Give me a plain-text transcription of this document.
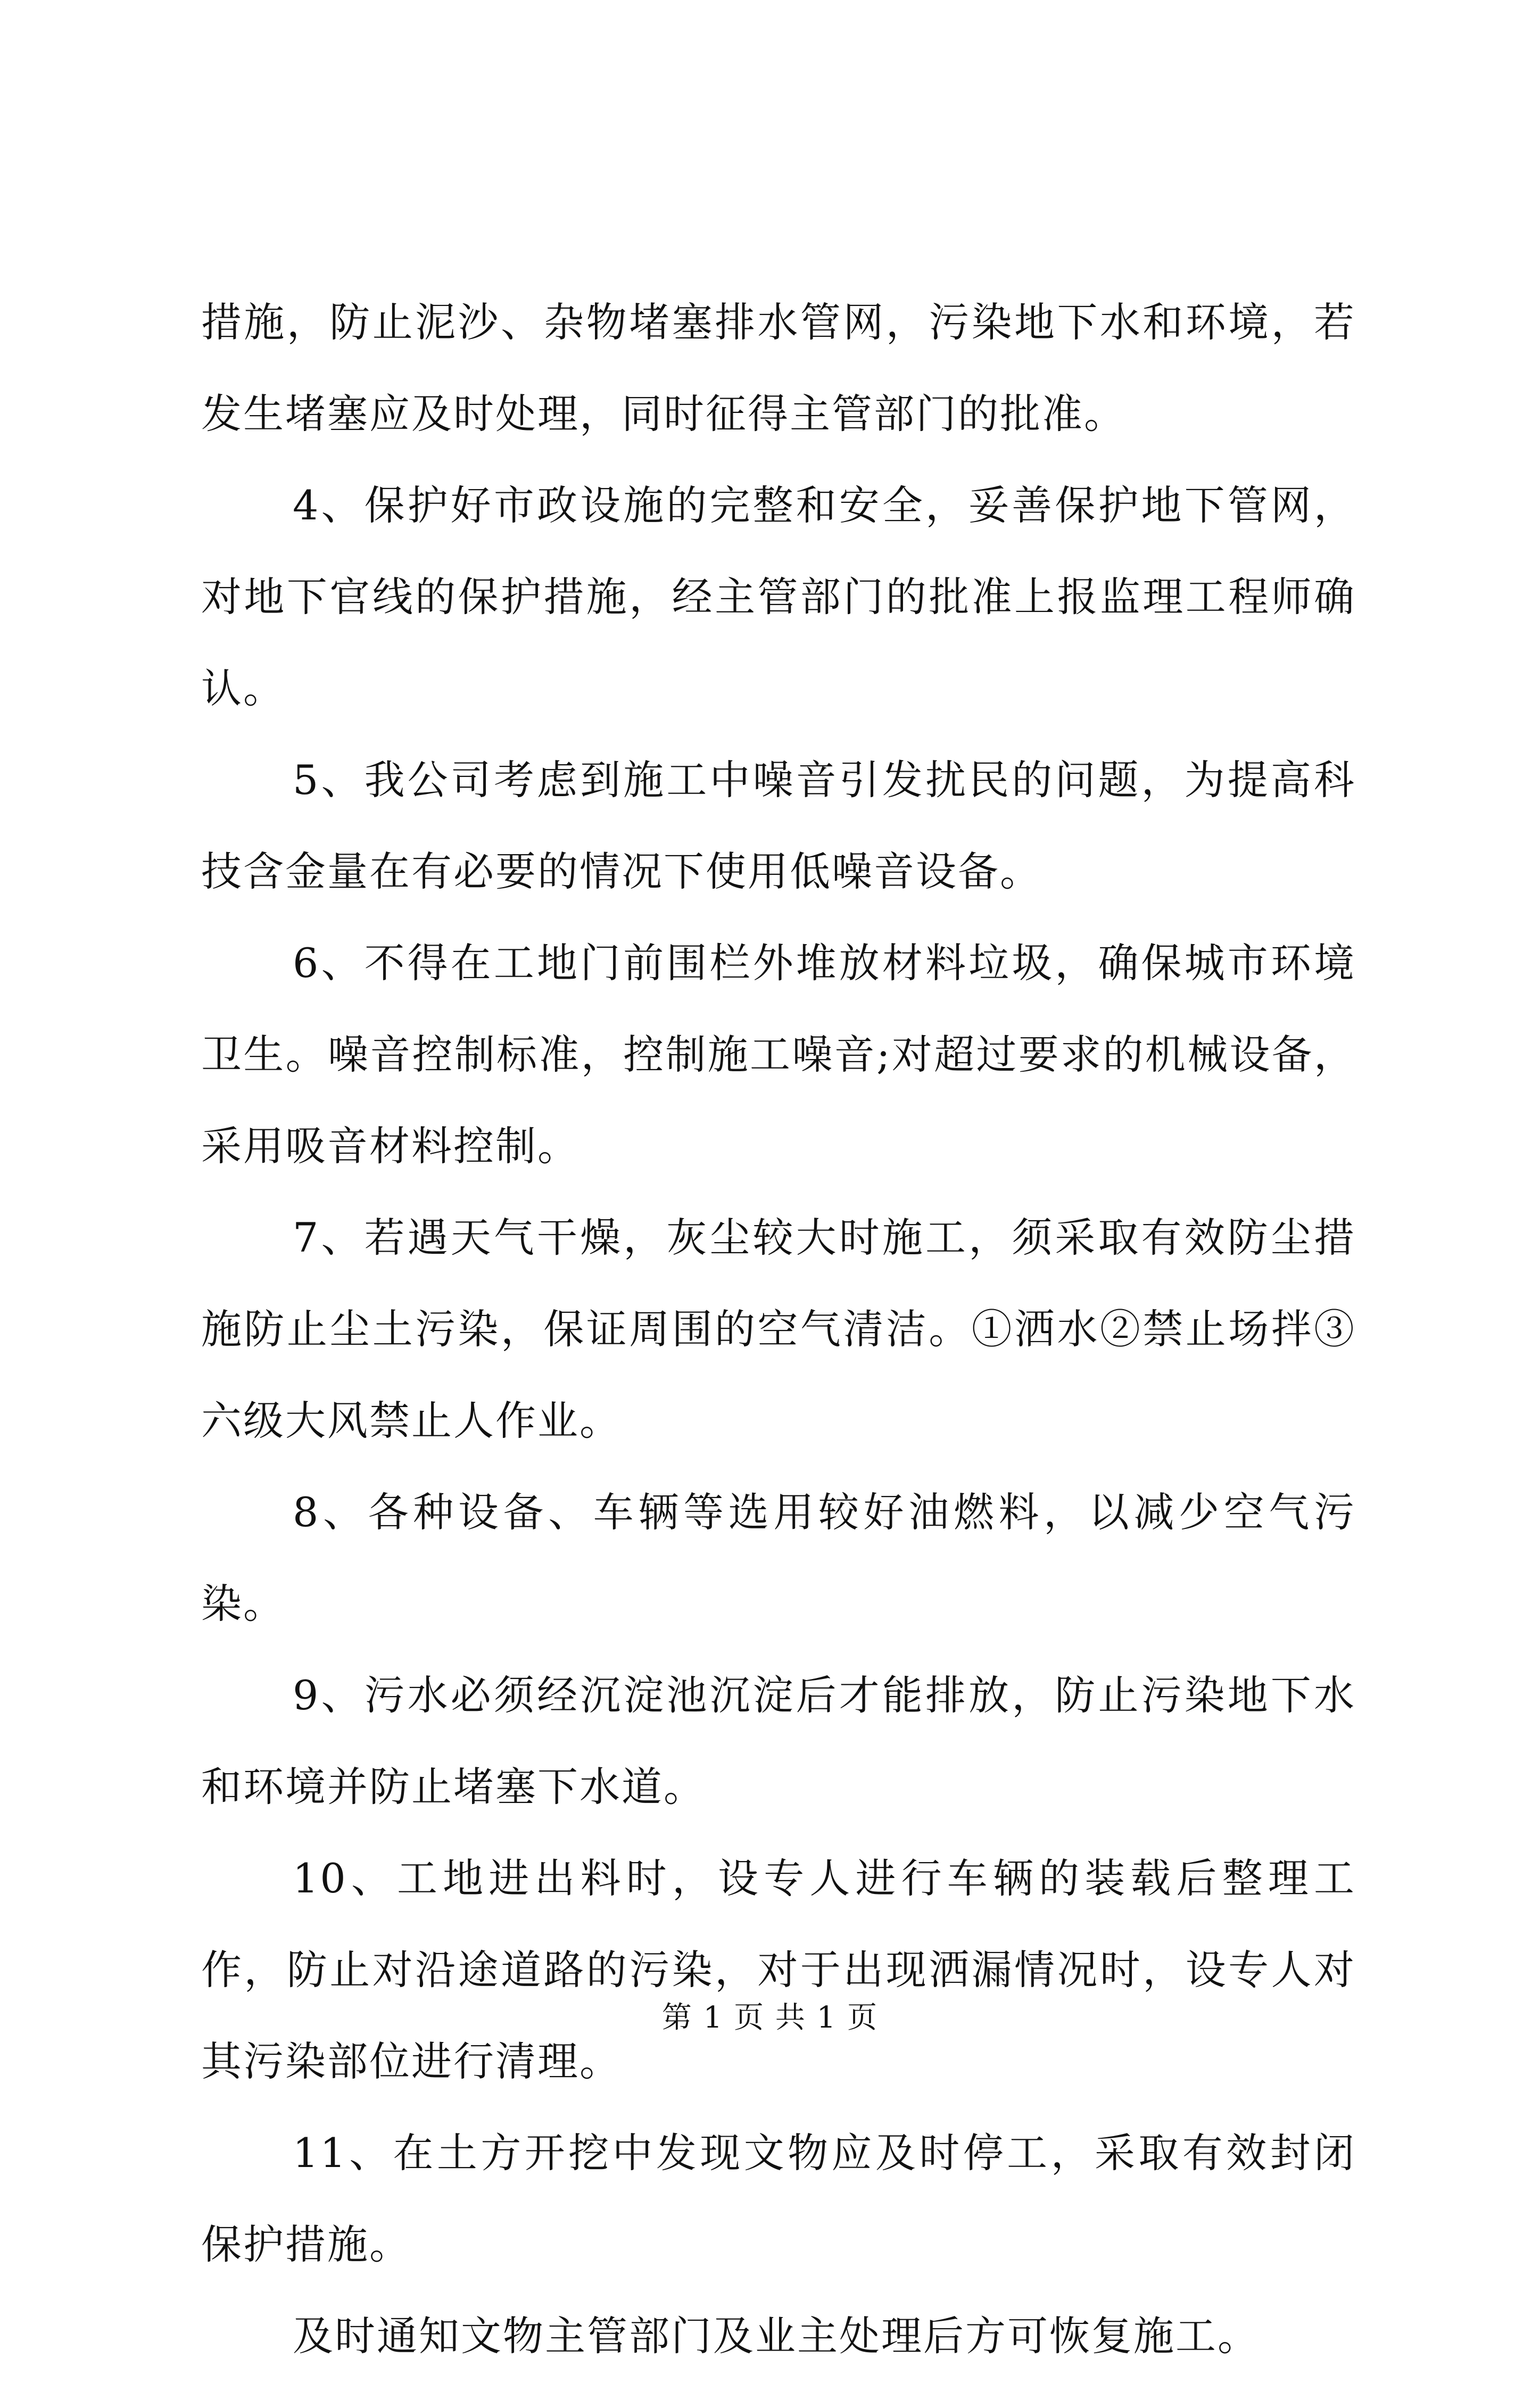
措施，防止泥沙、杂物堵塞排水管网，污染地下水和环境，若发生堵塞应及时处理，同时征得主管部门的批准。

4、保护好市政设施的完整和安全，妥善保护地下管网，对地下官线的保护措施，经主管部门的批准上报监理工程师确认。

5、我公司考虑到施工中噪音引发扰民的问题，为提高科技含金量在有必要的情况下使用低噪音设备。

6、不得在工地门前围栏外堆放材料垃圾，确保城市环境卫生。噪音控制标准，控制施工噪音;对超过要求的机械设备，采用吸音材料控制。

7、若遇天气干燥，灰尘较大时施工，须采取有效防尘措施防止尘土污染，保证周围的空气清洁。①洒水②禁止场拌③六级大风禁止人作业。

8、各种设备、车辆等选用较好油燃料，以减少空气污染。

9、污水必须经沉淀池沉淀后才能排放，防止污染地下水和环境并防止堵塞下水道。

10、工地进出料时，设专人进行车辆的装载后整理工作，防止对沿途道路的污染，对于出现洒漏情况时，设专人对其污染部位进行清理。

11、在土方开挖中发现文物应及时停工，采取有效封闭保护措施。

及时通知文物主管部门及业主处理后方可恢复施工。

第 1 页 共 1 页
